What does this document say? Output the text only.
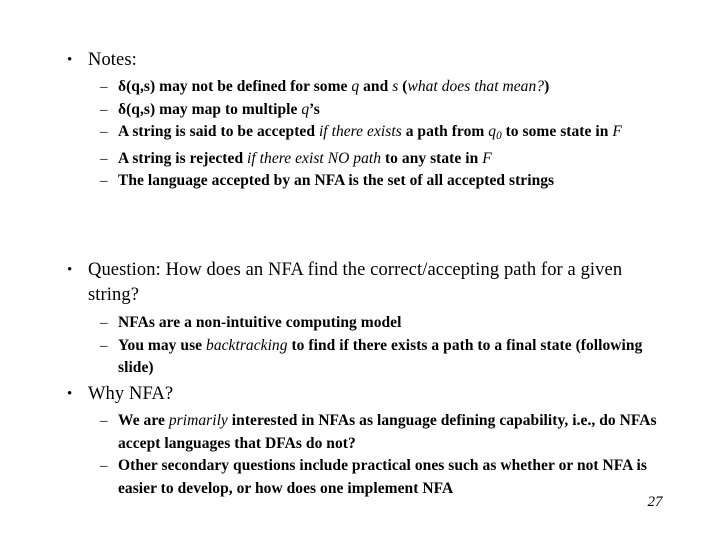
• Notes:
– δ(q,s) may not be defined for some q and s (what does that mean?)
– δ(q,s) may map to multiple q’s
– A string is said to be accepted if there exists a path from $q_0$ to some state in F
– A string is rejected if there exist NO path to any state in F
– The language accepted by an NFA is the set of all accepted strings
• Question: How does an NFA find the correct/accepting path for a given string?
– NFAs are a non-intuitive computing model
– You may use backtracking to find if there exists a path to a final state (following slide)
• Why NFA?
– We are primarily interested in NFAs as language defining capability, i.e., do NFAs accept languages that DFAs do not?
– Other secondary questions include practical ones such as whether or not NFA is easier to develop, or how does one implement NFA
27
